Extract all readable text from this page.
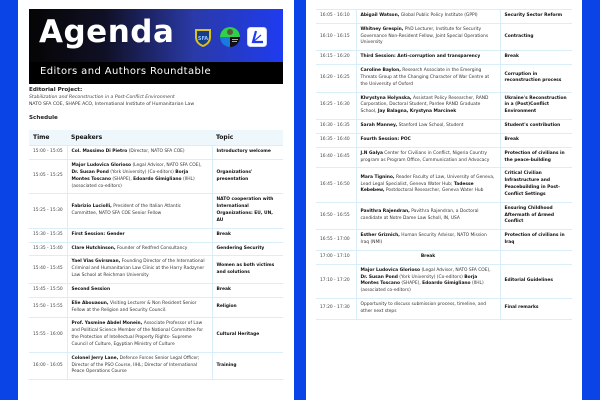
Agenda	SFA
Editors and Authors Roundtable
Editorial Project:
Stabilization and Reconstruction in a Post-Conflict Environment
NATO SFA COE, SHAPE ACO, International Institute of Humanitarian Law
Schedule
Time	Speakers	Topic
15:00 - 15:05	Col. Massimo Di Pietro (Director, NATO SFA COE)	Introductory welcome
15:05 - 15:25	Major Ludovica Glorioso (Legal Advisor, NATO SFA COE), Dr. Susan Pond (York University) (Co-editors) Borja Montes Toscano (SHAPE), Edoardo Gimigliano (IIHL)(associated co-editors)	Organizations' presentation
15:25 - 15:30	Fabrizio Luciolli, President of the Italian Atlantic Committee, NATO SFA COE Senior Fellow	NATO cooperation with International Organizations: EU, UN, AU
15:30 - 15:35	First Session: Gender	Break
15:35 - 15:40	Clare Hutchinson, Founder of Redfred Consultancy	Gendering Security
15:40 - 15:45	Yael Vias Gvirsman, Founding Director of the International Criminal and Humanitarian Law Clinic at the Harry Radzyner Law School at Reichman University	Women as both victims and solutions
15:45 - 15:50	Second Session	Break
15:50 - 15:55	Elie Abouaoun, Visiting Lecturer & Non Resident Senior Fellow at the Religion and Security Council.	Religion
15:55 - 16:00	Prof. Yasmine Abdel Monein, Associate Professor of Law and Political Science Member of the National Committee for the Protection of Intellectual Property Rights- Supreme Council of Culture, Egyptian Ministry of Culture	Cultural Heritage
16:00 - 16:05	Colonel Jerry Lane, Defence Forces Senior Legal Officer; Director of the PSO Course, IIHL; Director of International Peace Operations Course	Training
16:05 - 16:10	Abigail Watson, Global Public Policy Institute (GPPI)	Security Sector Reform
16:10 - 16:15	Whitney Grespin, PhD Lecturer, Institute for Security Governance Non-Resident Fellow, Joint Special Operations University	Contracting
16:15 - 16:20	Third Session: Anti-corruption and transparency	Break
16:20 - 16:25	Caroline Baylon, Research Associate in the Emerging Threats Group at the Changing Character of War Centre at the University of Oxford	Corruption in reconstruction process
16:25 - 16:30	Khrystyna Holynska, Assistant Policy Researcher, RAND Corporation, Doctoral Student, Pardee RAND Graduate School, Jay Balagna, Krystyna Marcinek	Ukraine's Reconstruction in a (Post)Conflict Environment
16:30 - 16:35	Sarah Manney, Stanford Law School, Student	Student's contribution
16:35 - 16:40	Fourth Session: POC	Break
16:40 - 16:45	J.N Galya Center for Civilians in Conflict, Nigeria Country program as Program Office, Communication and Advocacy	Protection of civilians in the peace-building
16:45 - 16:50	Mara Tignino, Reader Faculty of Law, University of Geneva, Lead Legal Specialist, Geneva Water Hub; Tadesse Kebebew, Postdoctoral Researcher, Geneva Water Hub	Critical Civilian Infrastructure and Peacebuilding in Post-Conflict Settings
16:50 - 16:55	Pavithra Rajendran, Pavithra Rajendran, a Doctoral candidate at Notre Dame Law Scholl, IN, USA	Ensuring Childhood Aftermath of Armed Conflict
16:55 - 17:00	Esther Griznich, Human Security Advisor, NATO Mission Iraq (NMI)	Protection of civilians in Iraq
17:00 - 17:10	Break	
17:10 - 17:20	Major Ludovica Glorioso (Legal Advisor, NATO SFA COE), Dr. Susan Pond (York University) (Co-editors) Borja Montes Toscano (SHAPE), Edoardo Gimigliano (IIHL)(associated co-editors)	Editorial Guidelines
17:20 - 17:30	Opportunity to discuss submission process, timeline, and other next steps	Final remarks
